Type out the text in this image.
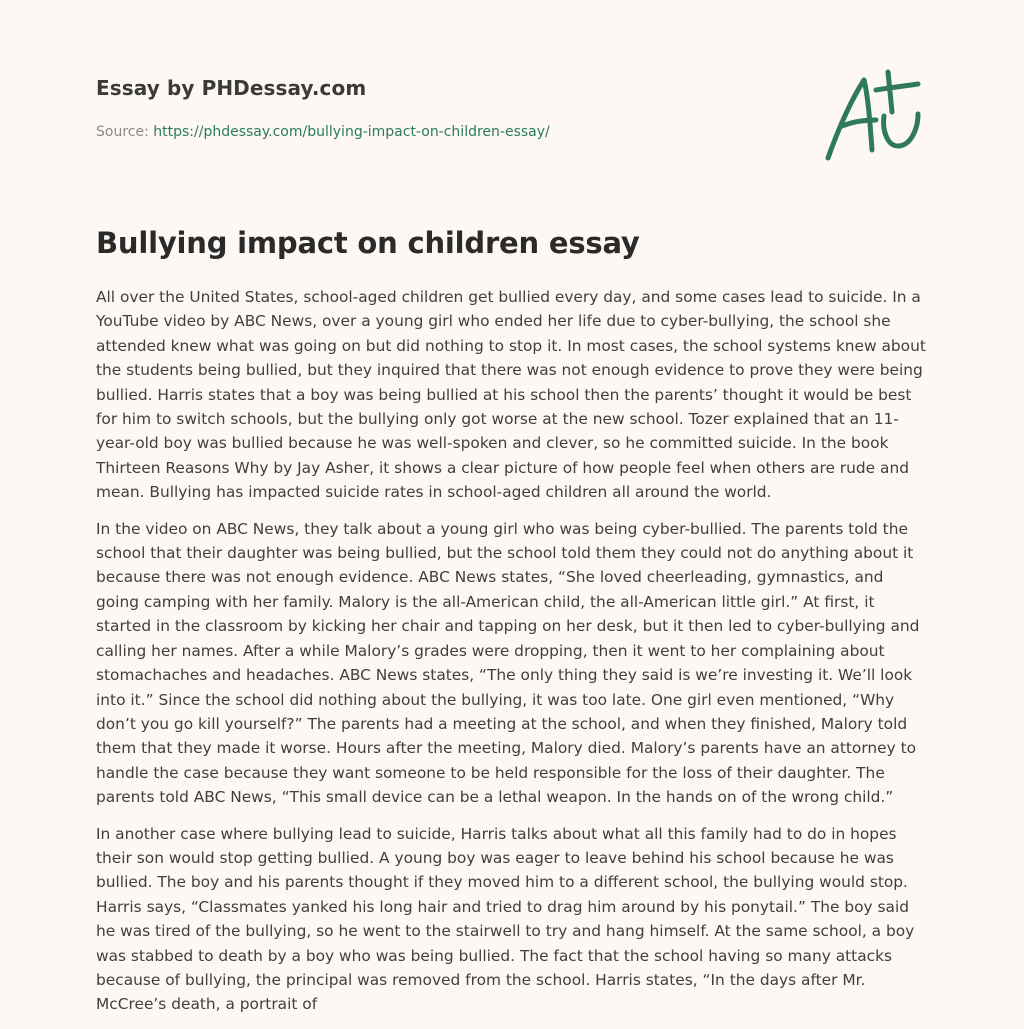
Essay by PHDessay.com
Source: https://phdessay.com/bullying-impact-on-children-essay/
Bullying impact on children essay

All over the United States, school-aged children get bullied every day, and some cases lead to suicide. In a YouTube video by ABC News, over a young girl who ended her life due to cyber-bullying, the school she attended knew what was going on but did nothing to stop it. In most cases, the school systems knew about the students being bullied, but they inquired that there was not enough evidence to prove they were being bullied. Harris states that a boy was being bullied at his school then the parents’ thought it would be best for him to switch schools, but the bullying only got worse at the new school. Tozer explained that an 11-year-old boy was bullied because he was well-spoken and clever, so he committed suicide. In the book Thirteen Reasons Why by Jay Asher, it shows a clear picture of how people feel when others are rude and mean. Bullying has impacted suicide rates in school-aged children all around the world.

In the video on ABC News, they talk about a young girl who was being cyber-bullied. The parents told the school that their daughter was being bullied, but the school told them they could not do anything about it because there was not enough evidence. ABC News states, “She loved cheerleading, gymnastics, and going camping with her family. Malory is the all-American child, the all-American little girl.” At first, it started in the classroom by kicking her chair and tapping on her desk, but it then led to cyber-bullying and calling her names. After a while Malory’s grades were dropping, then it went to her complaining about stomachaches and headaches. ABC News states, “The only thing they said is we’re investing it. We’ll look into it.” Since the school did nothing about the bullying, it was too late. One girl even mentioned, “Why don’t you go kill yourself?” The parents had a meeting at the school, and when they finished, Malory told them that they made it worse. Hours after the meeting, Malory died. Malory’s parents have an attorney to handle the case because they want someone to be held responsible for the loss of their daughter. The parents told ABC News, “This small device can be a lethal weapon. In the hands on of the wrong child.”

In another case where bullying lead to suicide, Harris talks about what all this family had to do in hopes their son would stop getting bullied. A young boy was eager to leave behind his school because he was bullied. The boy and his parents thought if they moved him to a different school, the bullying would stop. Harris says, “Classmates yanked his long hair and tried to drag him around by his ponytail.” The boy said he was tired of the bullying, so he went to the stairwell to try and hang himself. At the same school, a boy was stabbed to death by a boy who was being bullied. The fact that the school having so many attacks because of bullying, the principal was removed from the school. Harris states, “In the days after Mr. McCree’s death, a portrait of
